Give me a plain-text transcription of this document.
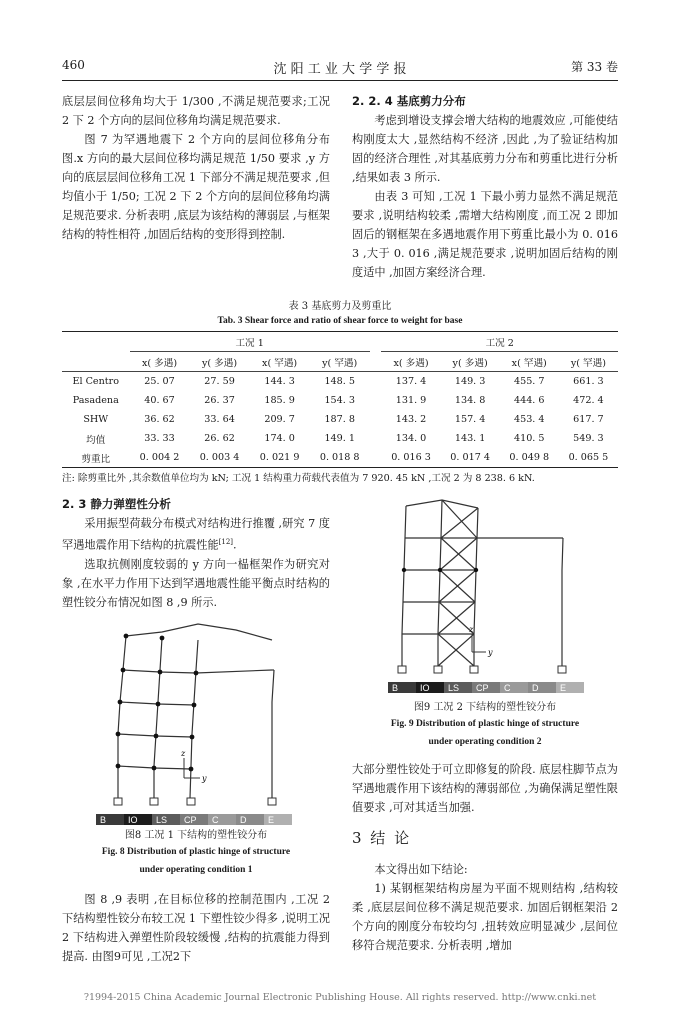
460	沈 阳 工 业 大 学 学 报	第 33 卷

底层层间位移角均大于 1/300 ,不满足规范要求;工况 2 下 2 个方向的层间位移角均满足规范要求.

图 7 为罕遇地震下 2 个方向的层间位移角分布图.x 方向的最大层间位移均满足规范 1/50 要求 ,y 方向的底层层间位移角工况 1 下部分不满足规范要求 ,但均值小于 1/50; 工况 2 下 2 个方向的层间位移角均满足规范要求. 分析表明 ,底层为该结构的薄弱层 ,与框架结构的特性相符 ,加固后结构的变形得到控制.

2. 2. 4 基底剪力分布

考虑到增设支撑会增大结构的地震效应 ,可能使结构刚度太大 ,显然结构不经济 ,因此 ,为了验证结构加固的经济合理性 ,对其基底剪力分布和剪重比进行分析 ,结果如表 3 所示.

由表 3 可知 ,工况 1 下最小剪力显然不满足规范要求 ,说明结构较柔 ,需增大结构刚度 ,而工况 2 即加固后的钢框架在多遇地震作用下剪重比最小为 0. 016 3 ,大于 0. 016 ,满足规范要求 ,说明加固后结构的刚度适中 ,加固方案经济合理.

表 3 基底剪力及剪重比
Tab. 3 Shear force and ratio of shear force to weight for base
	工况 1					工况 2			
	x( 多遇)	y( 多遇)	x( 罕遇)	y( 罕遇)		x( 多遇)	y( 多遇)	x( 罕遇)	y( 罕遇)
El Centro	25. 07	27. 59	144. 3	148. 5		137. 4	149. 3	455. 7	661. 3
Pasadena	40. 67	26. 37	185. 9	154. 3		131. 9	134. 8	444. 6	472. 4
SHW	36. 62	33. 64	209. 7	187. 8		143. 2	157. 4	453. 4	617. 7
均值	33. 33	26. 62	174. 0	149. 1		134. 0	143. 1	410. 5	549. 3
剪重比	0. 004 2	0. 003 4	0. 021 9	0. 018 8		0. 016 3	0. 017 4	0. 049 8	0. 065 5
注: 除剪重比外 ,其余数值单位均为 kN; 工况 1 结构重力荷载代表值为 7 920. 45 kN ,工况 2 为 8 238. 6 kN.

2. 3 静力弹塑性分析

采用振型荷载分布模式对结构进行推覆 ,研究 7 度罕遇地震作用下结构的抗震性能[12].

选取抗侧刚度较弱的 y 方向一榀框架作为研究对象 ,在水平力作用下达到罕遇地震性能平衡点时结构的塑性铰分布情况如图 8 ,9 所示.

z
y
B	IO	LS	CP	C	D	E
图8 工况 1 下结构的塑性铰分布
Fig. 8 Distribution of plastic hinge of structure
under operating condition 1

图 8 ,9 表明 ,在目标位移的控制范围内 ,工况 2 下结构塑性铰分布较工况 1 下塑性铰少得多 ,说明工况 2 下结构进入弹塑性阶段较缓慢 ,结构的抗震能力得到提高. 由图9可见 ,工况2下

z
y
B	IO	LS	CP	C	D	E
图9 工况 2 下结构的塑性铰分布
Fig. 9 Distribution of plastic hinge of structure
under operating condition 2

大部分塑性铰处于可立即修复的阶段. 底层柱脚节点为罕遇地震作用下该结构的薄弱部位 ,为确保满足塑性限值要求 ,可对其适当加强.

3 结 论

本文得出如下结论:

1) 某钢框架结构房屋为平面不规则结构 ,结构较柔 ,底层层间位移不满足规范要求. 加固后钢框架沿 2 个方向的刚度分布较均匀 ,扭转效应明显减少 ,层间位移符合规范要求. 分析表明 ,增加

?1994-2015 China Academic Journal Electronic Publishing House. All rights reserved. http://www.cnki.net
